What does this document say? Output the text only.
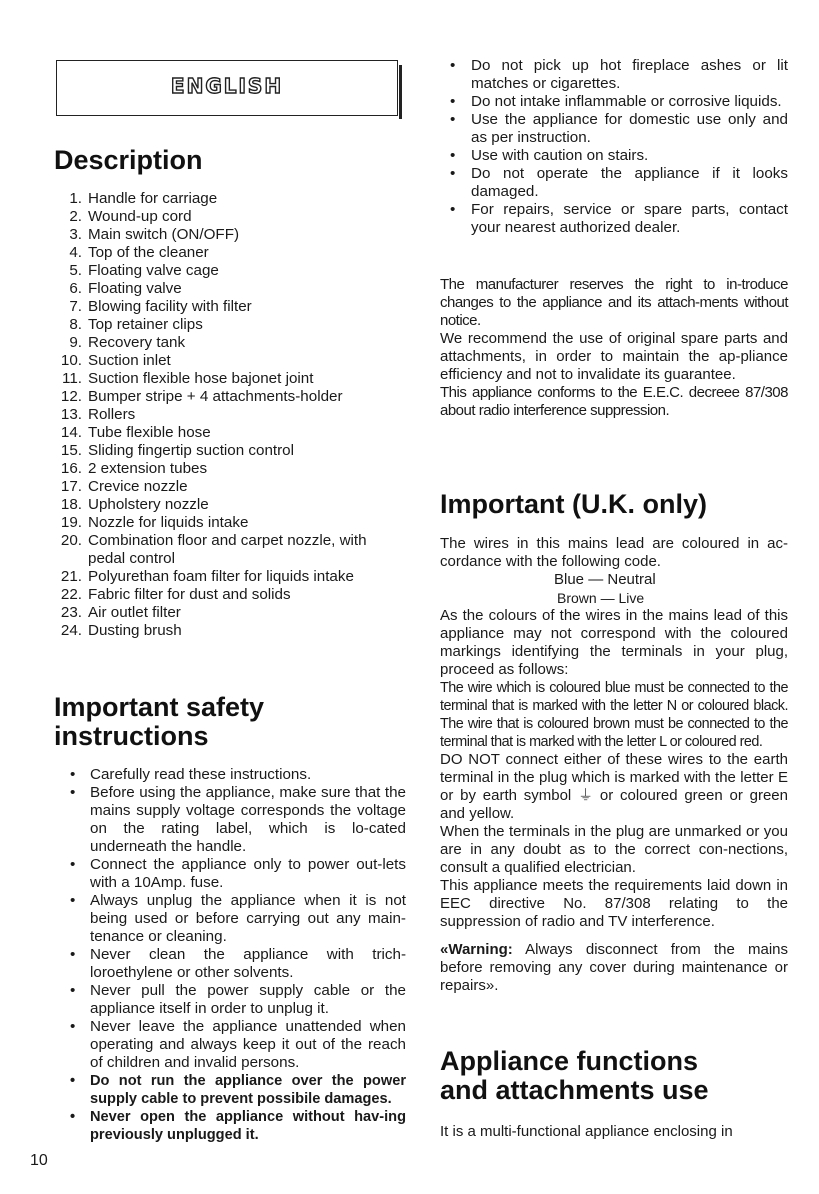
ENGLISH
Description
1. Handle for carriage
2. Wound-up cord
3. Main switch (ON/OFF)
4. Top of the cleaner
5. Floating valve cage
6. Floating valve
7. Blowing facility with filter
8. Top retainer clips
9. Recovery tank
10. Suction inlet
11. Suction flexible hose bajonet joint
12. Bumper stripe + 4 attachments-holder
13. Rollers
14. Tube flexible hose
15. Sliding fingertip suction control
16. 2 extension tubes
17. Crevice nozzle
18. Upholstery nozzle
19. Nozzle for liquids intake
20. Combination floor and carpet nozzle, with pedal control
21. Polyurethan foam filter for liquids intake
22. Fabric filter for dust and solids
23. Air outlet filter
24. Dusting brush
Important safety
instructions
• Carefully read these instructions.
• Before using the appliance, make sure that the mains supply voltage corresponds the voltage on the rating label, which is lo-cated underneath the handle.
• Connect the appliance only to power out-lets with a 10Amp. fuse.
• Always unplug the appliance when it is not being used or before carrying out any main-tenance or cleaning.
• Never clean the appliance with trich-loroethylene or other solvents.
• Never pull the power supply cable or the appliance itself in order to unplug it.
• Never leave the appliance unattended when operating and always keep it out of the reach of children and invalid persons.
• Do not run the appliance over the power supply cable to prevent possibile damages.
• Never open the appliance without hav-ing previously unplugged it.
• Do not pick up hot fireplace ashes or lit matches or cigarettes.
• Do not intake inflammable or corrosive liquids.
• Use the appliance for domestic use only and as per instruction.
• Use with caution on stairs.
• Do not operate the appliance if it looks damaged.
• For repairs, service or spare parts, contact your nearest authorized dealer.

The manufacturer reserves the right to in-troduce changes to the appliance and its attach-ments without notice.

We recommend the use of original spare parts and attachments, in order to maintain the ap-pliance efficiency and not to invalidate its guarantee.

This appliance conforms to the E.E.C. decreee 87/308 about radio interference suppression.

Important (U.K. only)

The wires in this mains lead are coloured in ac-cordance with the following code.

Blue — Neutral

Brown — Live

As the colours of the wires in the mains lead of this appliance may not correspond with the coloured markings identifying the terminals in your plug, proceed as follows:

The wire which is coloured blue must be connected to the terminal that is marked with the letter N or coloured black. The wire that is coloured brown must be connected to the terminal that is marked with the letter L or coloured red.

DO NOT connect either of these wires to the earth terminal in the plug which is marked with the letter E or by earth symbol ⏚ or coloured green or green and yellow.

When the terminals in the plug are unmarked or you are in any doubt as to the correct con-nections, consult a qualified electrician.

This appliance meets the requirements laid down in EEC directive No. 87/308 relating to the suppression of radio and TV interference.

«Warning: Always disconnect from the mains before removing any cover during maintenance or repairs».

Appliance functions
and attachments use

It is a multi-functional appliance enclosing in

10
